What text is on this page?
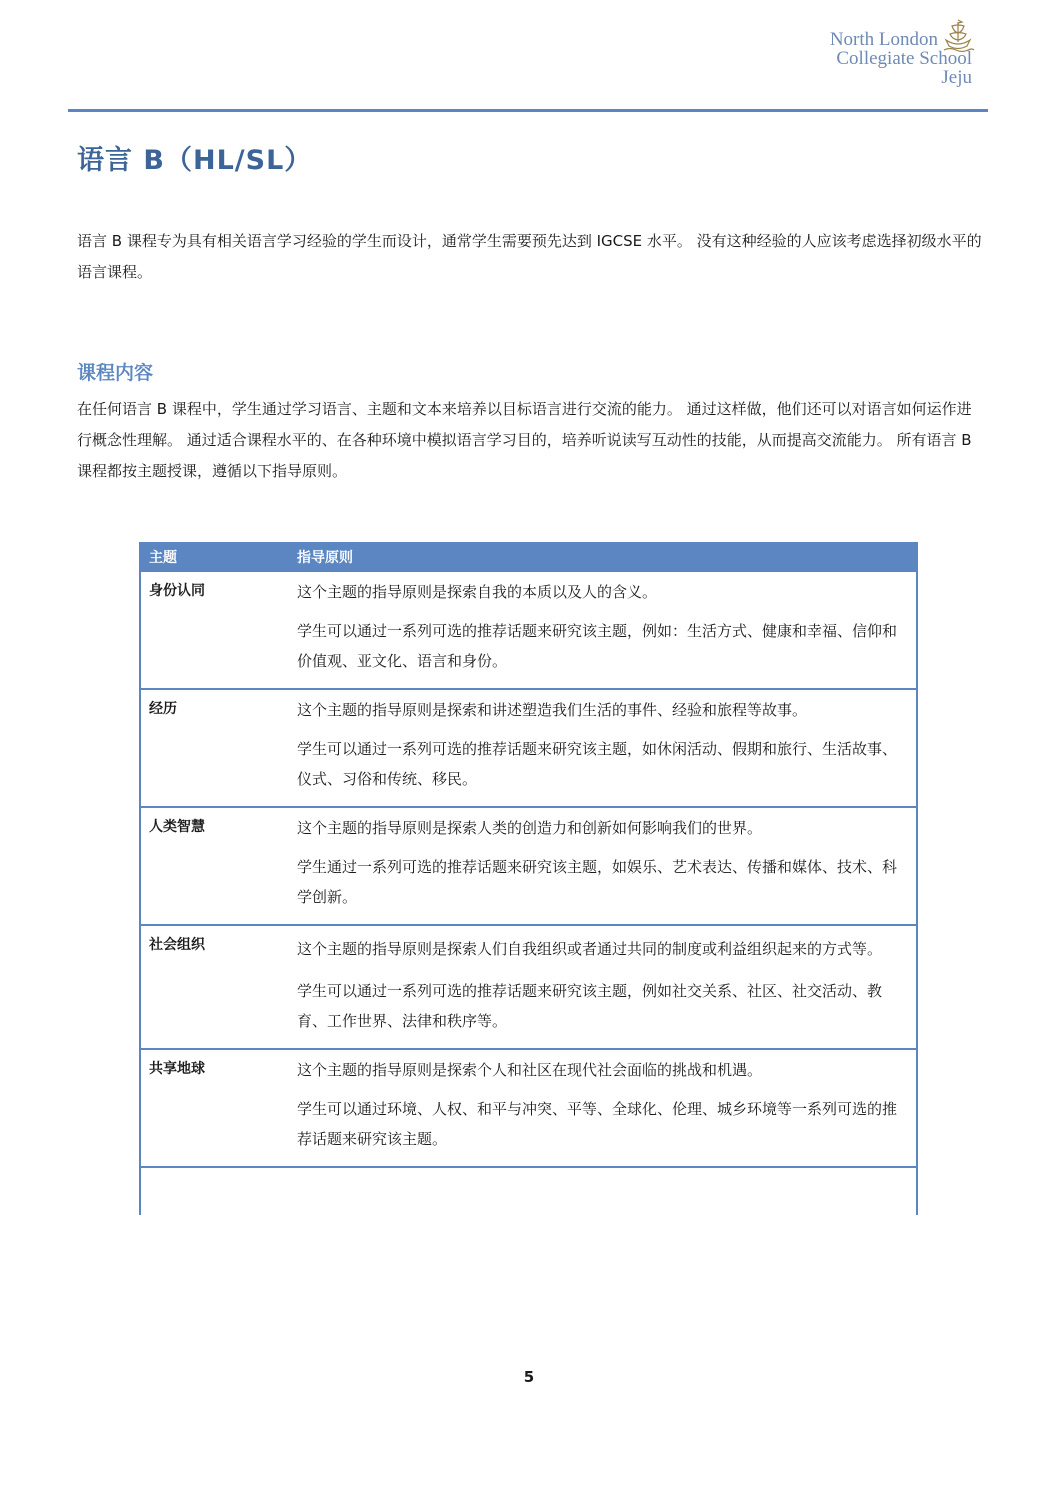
North London
Collegiate School
Jeju
语言 B（HL/SL）

语言 B 课程专为具有相关语言学习经验的学生而设计，通常学生需要预先达到 IGCSE 水平。 没有这种经验的人应该考虑选择初级水平的语言课程。

课程内容

在任何语言 B 课程中，学生通过学习语言、主题和文本来培养以目标语言进行交流的能力。 通过这样做，他们还可以对语言如何运作进行概念性理解。 通过适合课程水平的、在各种环境中模拟语言学习目的，培养听说读写互动性的技能，从而提高交流能力。 所有语言 B 课程都按主题授课，遵循以下指导原则。

主题	指导原则
身份认同	这个主题的指导原则是探索自我的本质以及人的含义。

学生可以通过一系列可选的推荐话题来研究该主题，例如：生活方式、健康和幸福、信仰和价值观、亚文化、语言和身份。

经历	这个主题的指导原则是探索和讲述塑造我们生活的事件、经验和旅程等故事。

学生可以通过一系列可选的推荐话题来研究该主题，如休闲活动、假期和旅行、生活故事、仪式、习俗和传统、移民。

人类智慧	这个主题的指导原则是探索人类的创造力和创新如何影响我们的世界。

学生通过一系列可选的推荐话题来研究该主题，如娱乐、艺术表达、传播和媒体、技术、科学创新。

社会组织	这个主题的指导原则是探索人们自我组织或者通过共同的制度或利益组织起来的方式等。

学生可以通过一系列可选的推荐话题来研究该主题，例如社交关系、社区、社交活动、教育、工作世界、法律和秩序等。

共享地球	这个主题的指导原则是探索个人和社区在现代社会面临的挑战和机遇。

学生可以通过环境、人权、和平与冲突、平等、全球化、伦理、城乡环境等一系列可选的推荐话题来研究该主题。

5
